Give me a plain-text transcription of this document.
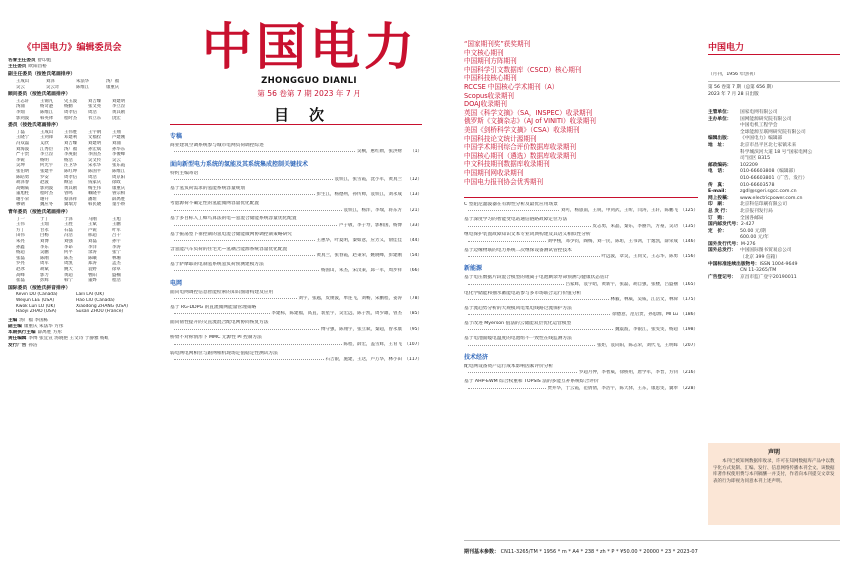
《中国电力》编辑委员会
名誉主任委员 舒印彪
主任委员 欧阳昌裕
副主任委员（按姓氏笔画排序）
王成山	刘泽	朱法华	汤广福
吴云	吴云奇	陈维江	康重庆
顾问委员（按姓氏笔画排序）
王志轩	王锡凡	史玉波	刘吉臻	刘建明
汤涌	杨奇逊	杨勤	张文亮	李立浧
李灿	陈维江	周孝信	周浩	黄其励
郭剑波	韩英铎	程时杰	衣立东	饶宏
委员（按姓氏笔画排序）
丁磊	王成山	王伟胜	王宇钢	王翔
王晓宁	王剑锋	邓建利	文福拴	卢建刚
冯双磊	艾欣	刘吉臻	刘建明	刘涌
刘海波	江秀臣	汤广福	孙宏斌	孙华东
严干贵	李立浧	李庚银	李国杰	李俊峰
李锐	杨明	杨浩	吴文传	吴云
吴坤	何光宇	汪卫华	宋永华	张东霞
张伯明	张建平	陈红坤	陈国平	陈维江
陈皓勇	罗安	周孝信	周浩	周京阳
胡泽春	赵波	顾洁	钱家庆	徐政
高赐威	郭剑波	黄其励	梅生伟	康重庆
董旭柱	程时杰	曾鸣	赖晓平	鲁宗相
谢小荣	谢开	蔡泽祥	潘垣	薛禹胜
穆钢	魏应冬	冀瑞芳	韩民晓	童小娇
青年委员（按姓氏笔画排序）
丁一	于丁	于泽	马刚	王旭
王伟	王灿	王胜	王斌	王鹏
方丁	甘永	石磊	卢锐	叶军
田伟	白杨	冯浩	邢超	吕干
朱亮	刘博	刘强	刘磊	孙宇
孙鑫	李东	李昂	李洋	李涛
杨超	吴鹏	何平	余涛	张宁
张磊	陈刚	陈杰	陈曦	林珊
罗亮	周军	周凯	郑涛	孟杰
赵冰	胡斌	姚天	袁野	徐卓
高峰	郭力	黄超	曹阳	盛楠
崔磊	彭辉	韩宁	董烨	程浩
国际委员（按姓氏拼音排序）
Kevin DU (Canada)	Laili LAI (UK)
Weijun LEE (USA)	Hao LIU (Canada)
Kwok Lun LO (UK)	Xiaodong ZHANG (USA)
Haoyi ZHAO (USA)	Susan ZHOU (France)
主编 汤广福 李国栋
副主编 康重庆 朱法华 方彤
本期执行主编 薛禹胜 方彤
责任编辑 李博 张宜宣 汤晓艳 王文诗 于静雅 杨虹
发行广告 孙洁
中国电力
ZHONGGUO DIANLI
第 56 卷第 7 期 2023 年 7 月
目次
专稿
商业建筑空调系统参与城市电网负荷调控综述
吴桐，惠红勋，张洪财	（1）
面向新型电力系统的氢能及其系统集成控制关键技术
特约主编寄语
袁铁江，张雪霞，沈小军，黄真兰	（12）
基于氢负荷需求的氢能系统容量规划
彭生江，杨德州，孙传帅，袁铁江，刘永成	（13）
考虑源荷不确定性的氢能微网容量优化配置
袁铁江，杨洋，李瑞，蒋东方	（21）
基于多目标人工蜂鸟算法的电—氢混合储能系统容量优化配置
卢子敬，李子寿，郭相国，杨博	（33）
基于振荡型下垂控制的氢电混合储能微网协调控制策略研究
王惠华，叶夏明，秦如意，应芳义，俞佳佳	（44）
含氢能汽车负荷的住宅光—氢耦合能源系统容量优化配置
黄真兰，张春霞，赵秉荣，姚晓峰，彭建刚	（54）
基于萨摩耶的电制氢系统氢负荷预测建模方法
杨国山，朱杰，宋汶秉，邱一军，周步祥	（66）
电网
面向电网调控信息智能检索的知识图谱构建及应用
刘宇，张越，皮俊波，单连飞，刘畅，宋鹏程，姜涛	（78）
基于 RG-DDPG 的直流微网能量管理策略
李建标，陈建福，高直，裴星宇，吴宏远，陈子凯，周少雄，曾杰	（85）
面向韧性提升的交直流混合配电网协同恢复方法
傅守强，陈翔宇，张立斌，秦超，曾永康	（95）
桥臂不对称情形下 MMC 无源性 PI 控制方法
陈程，薛宏，盖雪辉，王育飞 （107）
弱电网电网相位与跟网相机现场定值稳定性测试方法
石吉银，施建，王达，卢万华，林小田 （117）
“国家期刊奖”获奖期刊
中文核心期刊
中国期刊方阵期刊
中国科学引文数据库（CSCD）核心期刊
中国科技核心期刊
RCCSE 中国核心学术期刊（A）
Scopus收录期刊
DOAJ收录期刊
英国《科学文摘》（SA，INSPEC）收录期刊
俄罗斯《文摘杂志》（AJ of VINITI）收录期刊
美国《剑桥科学文摘》（CSA）收录期刊
中国科技论文统计源期刊
中国学术期刊综合评价数据库收录期刊
中国核心期刊（遴选）数据库收录期刊
中文科技期刊数据库收录期刊
中国期刊网收录期刊
中国电力报刊协会优秀期刊
C 型阻尼滤波器在有源性分析及最优应用场景
刘可，杨旅南，王锐，申剑武，王昕，闫涛，王轩，陈鹏飞 （125）
基于深度学习的智能变电站通信链路故障定位方法
皮志勇，朱晶，秦东，李丽兴，方豪，吴功 （135）
继电保护装置故障知识文本专业词典构建及其语义相似性分析
刘中栩，邓少钧，陶梅，刘一民，陈珩，王书鸿，于逸凯，薛荣成 （146）
基于边缘物联的电力系统二次继保设备测试管控技术
叶远波，章昊，王同文，王志华，陈勇 （156）
新能源
基于电压数据片段混合模型的锂离子电池剩余寿命预测与健康状态估计
吕家辉，袁宇昭，黄新宇，张磊，胡自强，张楼，吕盛丽 （165）
电化学储能和抽水蓄能电站参与多市场联合运行价值分析
林毅，林威，吴威，江岳文，林舜 （175）
基于流趋势分析的大规模风电集电线路过流保护方法
徐德意，范启贵，孙思源，MI Lu （186）
基于改进 Myerson 值法的云储能双层优化运营模型
魏震波，李银江，张雯雯，杨超 （198）
基于电池面缆电温度的电池组不一致性在线监测方法
张炬，袁向阳，陈志荣，刘代飞，王明晖 （207）
技术经济
配电网设备资产运行成本影响因素评价分析
罗超月仲，李智威，徐桥用，唐学军，李晋，方钊 （216）
基于 AHP-EWM 综合权重和 TOPSIS 法的多能互补系统综合评价
贾并华，于云霞，范倩倩，李浩宇，陈天驿，王东，康思雯，冀奉 （228）
中国电力
（月刊，1956 年创刊）
第 56 卷第 7 期（总第 656 期）
2023 年 7 月 28 日出版
主管单位： 国家电网有限公司
主办单位： 国网能源研究院有限公司
中国电机工程学会
全球能源互联网研究院有限公司
编辑出版： 《中国电力》编辑部
地　址：	北京市昌平区北七家镇未来
科学城滨河大道 18 号“国家电网公
司”园区 B315
邮政编码： 102209
电　话：	010-66603808（编辑部）
010-66603801（广告、发行）
传　真：	010-66603578
E-mail： zgdl@sgeri.sgcc.com.cn
网上投稿： www.electricpower.com.cn
印　刷：	北京科信印刷有限公司
总 发 行： 北京报刊发行局
订　购：	全国各邮局
国内邮发代号：2-427
定　价：	50.00 元/期
600.00 元/年
国外发行代号：M-276
国外总发行： 中国国际图书贸易总公司
（北京 399 信箱）
中国标准连续出版物号：ISSN 1004-9649
CN 11-3265/TM
广告登记号： 京昌市监广登字20190011
声明
本刊已被知网数据库收录，许可在知网数据库产品中以数字化方式复制、汇编、发行、信息网络传播本刊全文。该数据库著作权使用费与本刊稿酬一并支付，作者向本刊提交文章发表的行为即视为同意本刊上述声明。
期刊基本参数： CN11-3265/TM * 1956 * m * A4 * 238 * zh * P * ¥50.00 * 20000 * 23 * 2023-07
